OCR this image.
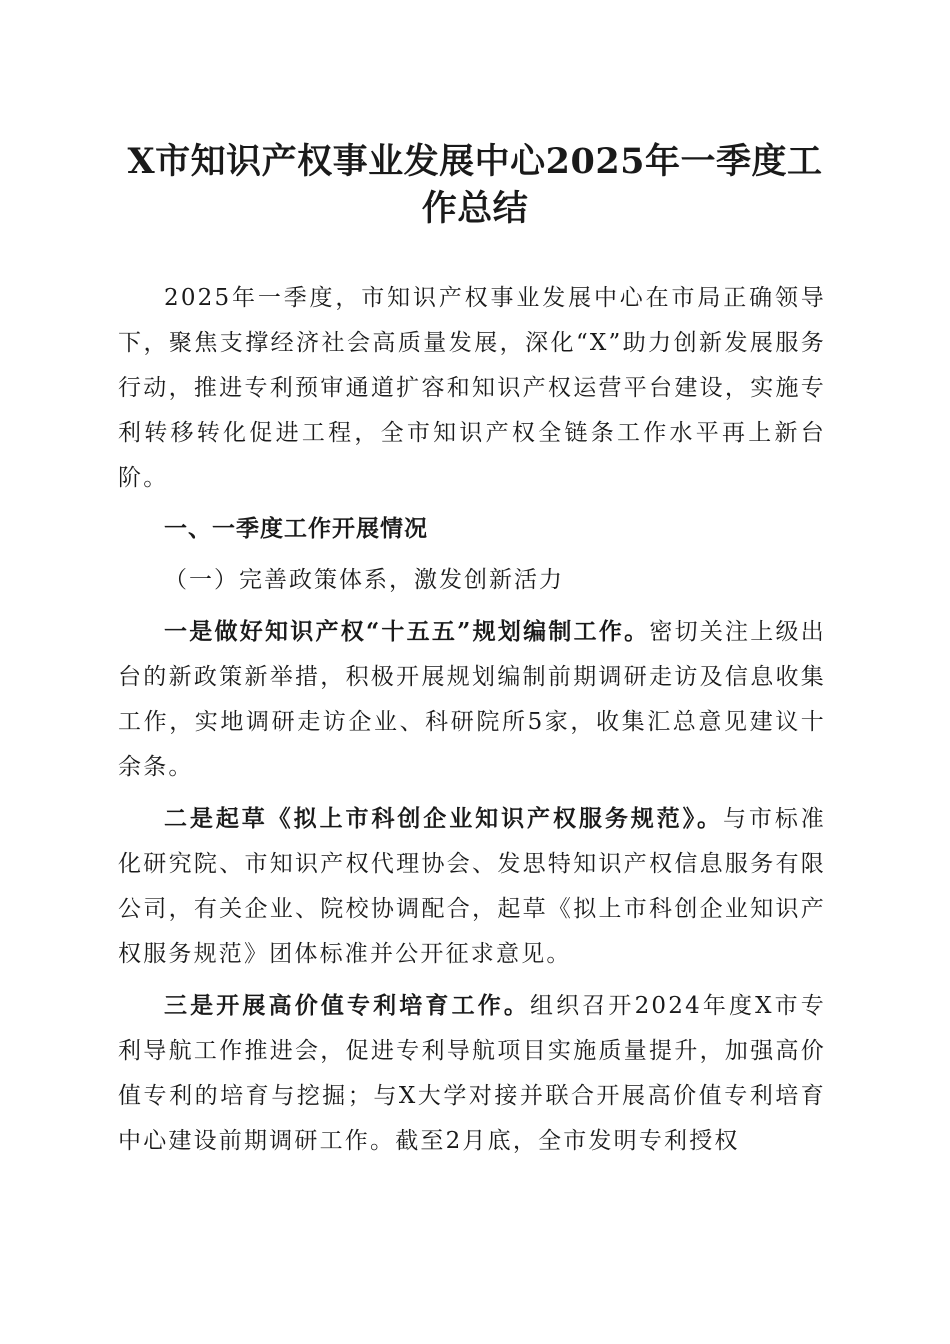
X市知识产权事业发展中心2025年一季度工
作总结

2025年一季度，市知识产权事业发展中心在市局正确领导下，聚焦支撑经济社会高质量发展，深化“X”助力创新发展服务行动，推进专利预审通道扩容和知识产权运营平台建设，实施专利转移转化促进工程，全市知识产权全链条工作水平再上新台阶。

一、一季度工作开展情况

（一）完善政策体系，激发创新活力

一是做好知识产权“十五五”规划编制工作。密切关注上级出台的新政策新举措，积极开展规划编制前期调研走访及信息收集工作，实地调研走访企业、科研院所5家，收集汇总意见建议十余条。

二是起草《拟上市科创企业知识产权服务规范》。与市标准化研究院、市知识产权代理协会、发思特知识产权信息服务有限公司，有关企业、院校协调配合，起草《拟上市科创企业知识产权服务规范》团体标准并公开征求意见。

三是开展高价值专利培育工作。组织召开2024年度X市专利导航工作推进会，促进专利导航项目实施质量提升，加强高价值专利的培育与挖掘；与X大学对接并联合开展高价值专利培育中心建设前期调研工作。截至2月底，全市发明专利授权
